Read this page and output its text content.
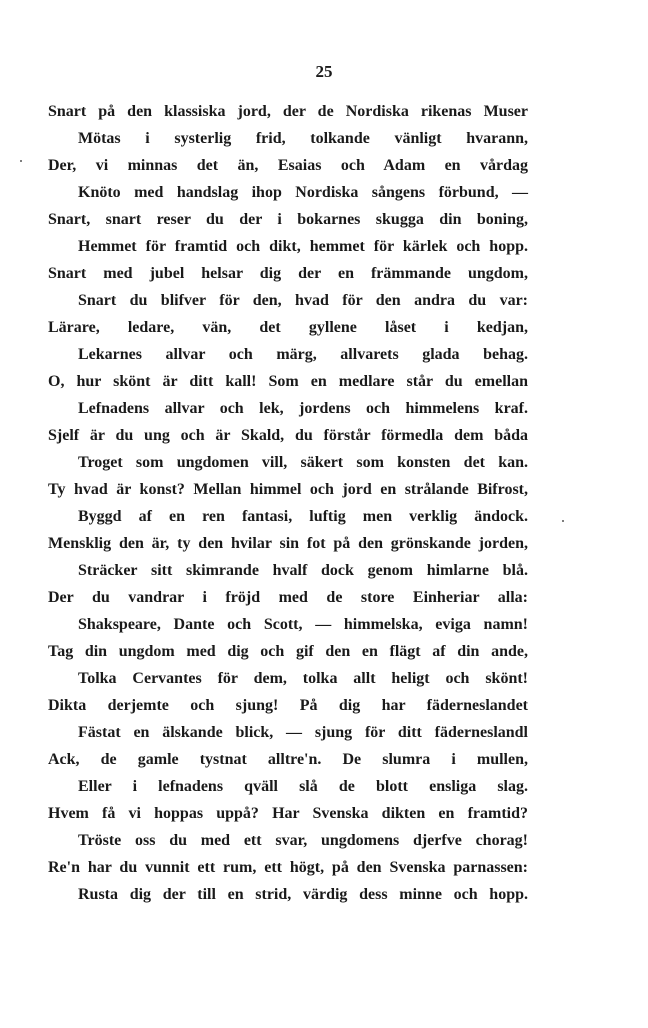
25
Snart på den klassiska jord, der de Nordiska rikenas Muser
Mötas i systerlig frid, tolkande vänligt hvarann,
Der, vi minnas det än, Esaias och Adam en vårdag
Knöto med handslag ihop Nordiska sångens förbund, —
Snart, snart reser du der i bokarnes skugga din boning,
Hemmet för framtid och dikt, hemmet för kärlek och hopp.
Snart med jubel helsar dig der en främmande ungdom,
Snart du blifver för den, hvad för den andra du var:
Lärare, ledare, vän, det gyllene låset i kedjan,
Lekarnes allvar och märg, allvarets glada behag.
O, hur skönt är ditt kall! Som en medlare står du emellan
Lefnadens allvar och lek, jordens och himmelens kraf.
Sjelf är du ung och är Skald, du förstår förmedla dem båda
Troget som ungdomen vill, säkert som konsten det kan.
Ty hvad är konst? Mellan himmel och jord en strålande Bifrost,
Byggd af en ren fantasi, luftig men verklig ändock.
Mensklig den är, ty den hvilar sin fot på den grönskande jorden,
Sträcker sitt skimrande hvalf dock genom himlarne blå.
Der du vandrar i fröjd med de store Einheriar alla:
Shakspeare, Dante och Scott, — himmelska, eviga namn!
Tag din ungdom med dig och gif den en flägt af din ande,
Tolka Cervantes för dem, tolka allt heligt och skönt!
Dikta derjemte och sjung! På dig har fäderneslandet
Fästat en älskande blick, — sjung för ditt fäderneslandl
Ack, de gamle tystnat alltre'n. De slumra i mullen,
Eller i lefnadens qväll slå de blott ensliga slag.
Hvem få vi hoppas uppå? Har Svenska dikten en framtid?
Tröste oss du med ett svar, ungdomens djerfve chorag!
Re'n har du vunnit ett rum, ett högt, på den Svenska parnassen:
Rusta dig der till en strid, värdig dess minne och hopp.
